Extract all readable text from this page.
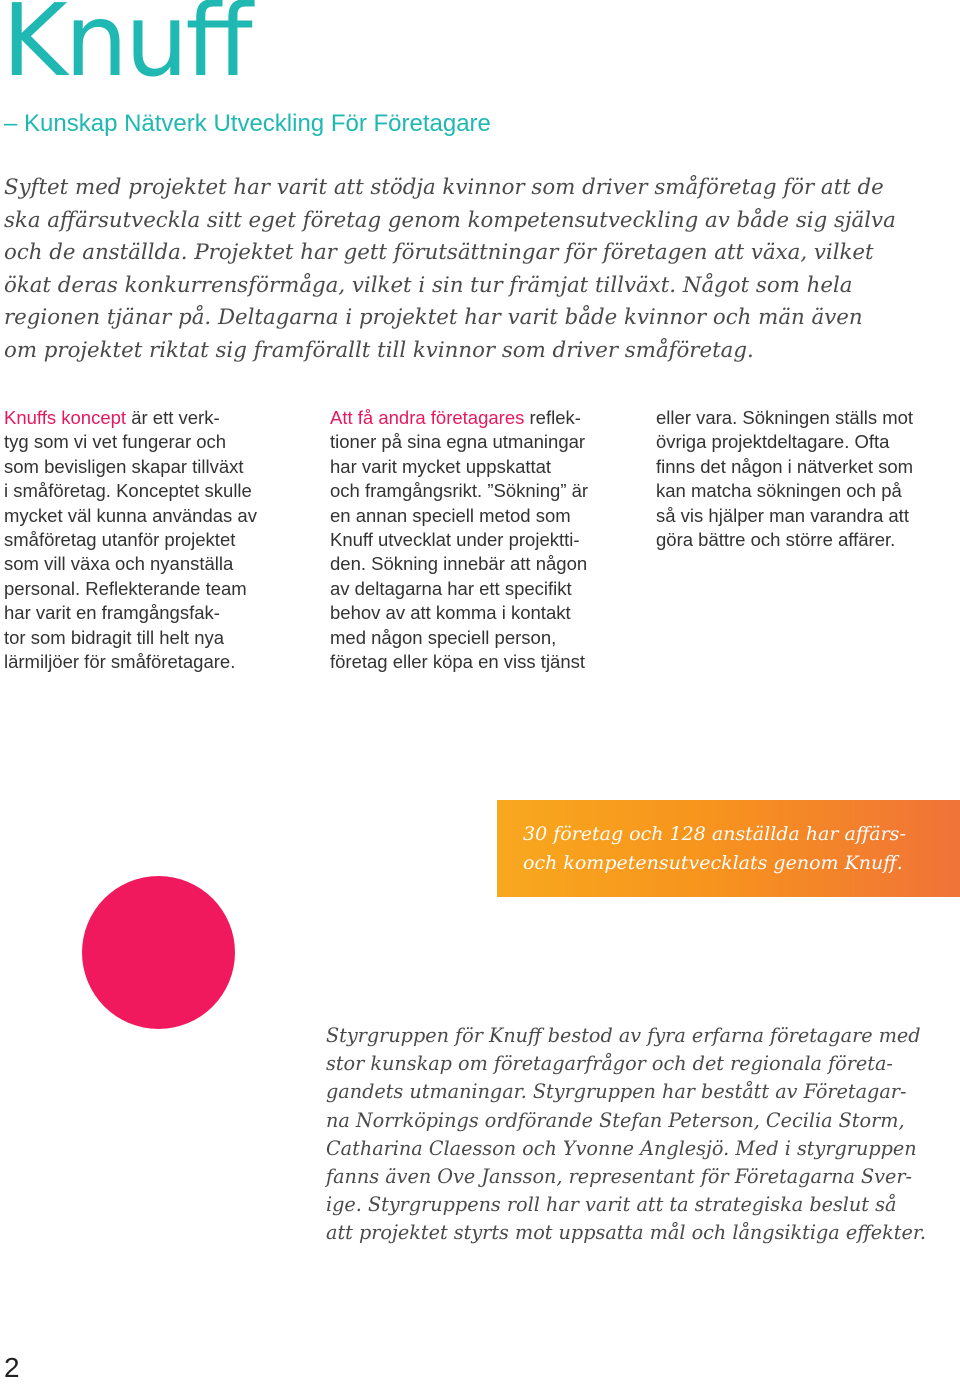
Knuff

– Kunskap Nätverk Utveckling För Företagare

Syftet med projektet har varit att stödja kvinnor som driver småföretag för att de
ska affärsutveckla sitt eget företag genom kompetensutveckling av både sig själva
och de anställda. Projektet har gett förutsättningar för företagen att växa, vilket
ökat deras konkurrensförmåga, vilket i sin tur främjat tillväxt. Något som hela
regionen tjänar på. Deltagarna i projektet har varit både kvinnor och män även
om projektet riktat sig framförallt till kvinnor som driver småföretag.

Knuffs koncept är ett verk-
tyg som vi vet fungerar och
som bevisligen skapar tillväxt
i småföretag. Konceptet skulle
mycket väl kunna användas av
småföretag utanför projektet
som vill växa och nyanställa
personal. Reflekterande team
har varit en framgångsfak-
tor som bidragit till helt nya
lärmiljöer för småföretagare.

Att få andra företagares reflek-
tioner på sina egna utmaningar
har varit mycket uppskattat
och framgångsrikt. ”Sökning” är
en annan speciell metod som
Knuff utvecklat under projektti-
den. Sökning innebär att någon
av deltagarna har ett specifikt
behov av att komma i kontakt
med någon speciell person,
företag eller köpa en viss tjänst

eller vara. Sökningen ställs mot
övriga projektdeltagare. Ofta
finns det någon i nätverket som
kan matcha sökningen och på
så vis hjälper man varandra att
göra bättre och större affärer.

30 företag och 128 anställda har affärs-
och kompetensutvecklats genom Knuff.

Styrgruppen för Knuff bestod av fyra erfarna företagare med
stor kunskap om företagarfrågor och det regionala företa-
gandets utmaningar. Styrgruppen har bestått av Företagar-
na Norrköpings ordförande Stefan Peterson, Cecilia Storm,
Catharina Claesson och Yvonne Anglesjö. Med i styrgruppen
fanns även Ove Jansson, representant för Företagarna Sver-
ige. Styrgruppens roll har varit att ta strategiska beslut så
att projektet styrts mot uppsatta mål och långsiktiga effekter.

2
